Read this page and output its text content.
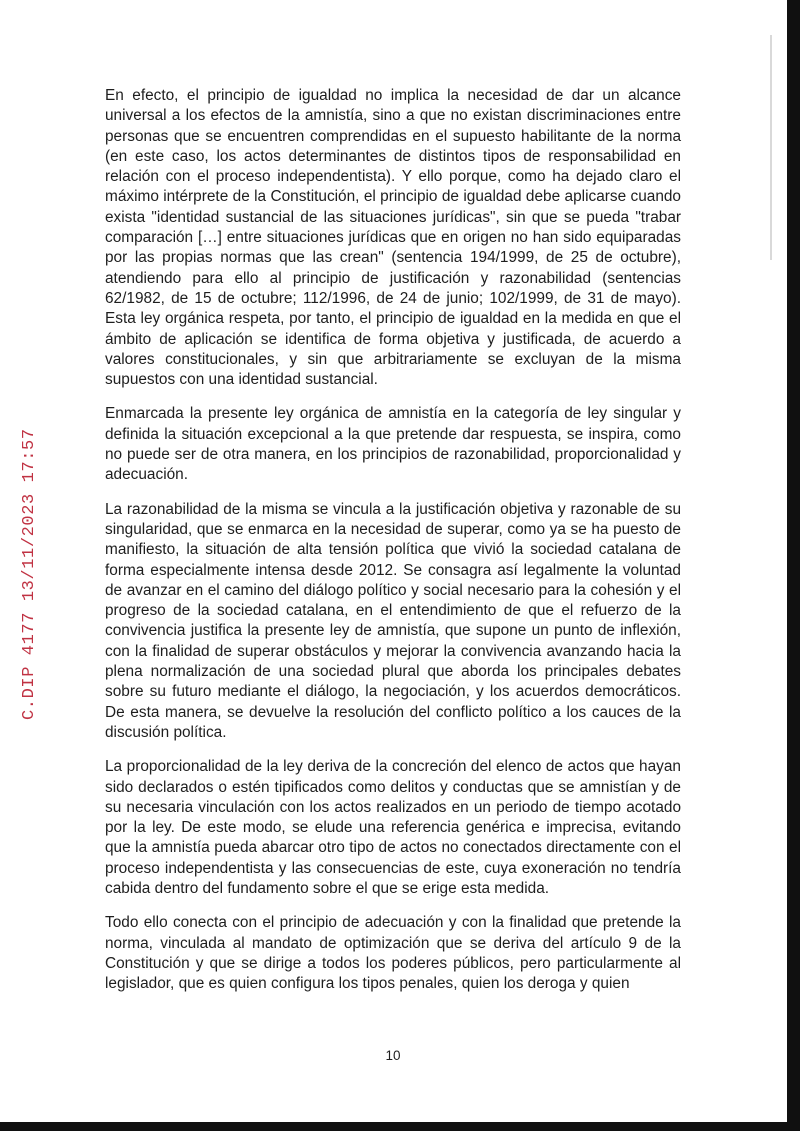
C.DIP 4177 13/11/2023 17:57

En efecto, el principio de igualdad no implica la necesidad de dar un alcance universal a los efectos de la amnistía, sino a que no existan discriminaciones entre personas que se encuentren comprendidas en el supuesto habilitante de la norma (en este caso, los actos determinantes de distintos tipos de responsabilidad en relación con el proceso independentista). Y ello porque, como ha dejado claro el máximo intérprete de la Constitución, el principio de igualdad debe aplicarse cuando exista "identidad sustancial de las situaciones jurídicas", sin que se pueda "trabar comparación […] entre situaciones jurídicas que en origen no han sido equiparadas por las propias normas que las crean" (sentencia 194/1999, de 25 de octubre), atendiendo para ello al principio de justificación y razonabilidad (sentencias 62/1982, de 15 de octubre; 112/1996, de 24 de junio; 102/1999, de 31 de mayo). Esta ley orgánica respeta, por tanto, el principio de igualdad en la medida en que el ámbito de aplicación se identifica de forma objetiva y justificada, de acuerdo a valores constitucionales, y sin que arbitrariamente se excluyan de la misma supuestos con una identidad sustancial.

Enmarcada la presente ley orgánica de amnistía en la categoría de ley singular y definida la situación excepcional a la que pretende dar respuesta, se inspira, como no puede ser de otra manera, en los principios de razonabilidad, proporcionalidad y adecuación.

La razonabilidad de la misma se vincula a la justificación objetiva y razonable de su singularidad, que se enmarca en la necesidad de superar, como ya se ha puesto de manifiesto, la situación de alta tensión política que vivió la sociedad catalana de forma especialmente intensa desde 2012. Se consagra así legalmente la voluntad de avanzar en el camino del diálogo político y social necesario para la cohesión y el progreso de la sociedad catalana, en el entendimiento de que el refuerzo de la convivencia justifica la presente ley de amnistía, que supone un punto de inflexión, con la finalidad de superar obstáculos y mejorar la convivencia avanzando hacia la plena normalización de una sociedad plural que aborda los principales debates sobre su futuro mediante el diálogo, la negociación, y los acuerdos democráticos. De esta manera, se devuelve la resolución del conflicto político a los cauces de la discusión política.

La proporcionalidad de la ley deriva de la concreción del elenco de actos que hayan sido declarados o estén tipificados como delitos y conductas que se amnistían y de su necesaria vinculación con los actos realizados en un periodo de tiempo acotado por la ley. De este modo, se elude una referencia genérica e imprecisa, evitando que la amnistía pueda abarcar otro tipo de actos no conectados directamente con el proceso independentista y las consecuencias de este, cuya exoneración no tendría cabida dentro del fundamento sobre el que se erige esta medida.

Todo ello conecta con el principio de adecuación y con la finalidad que pretende la norma, vinculada al mandato de optimización que se deriva del artículo 9 de la Constitución y que se dirige a todos los poderes públicos, pero particularmente al legislador, que es quien configura los tipos penales, quien los deroga y quien

10
